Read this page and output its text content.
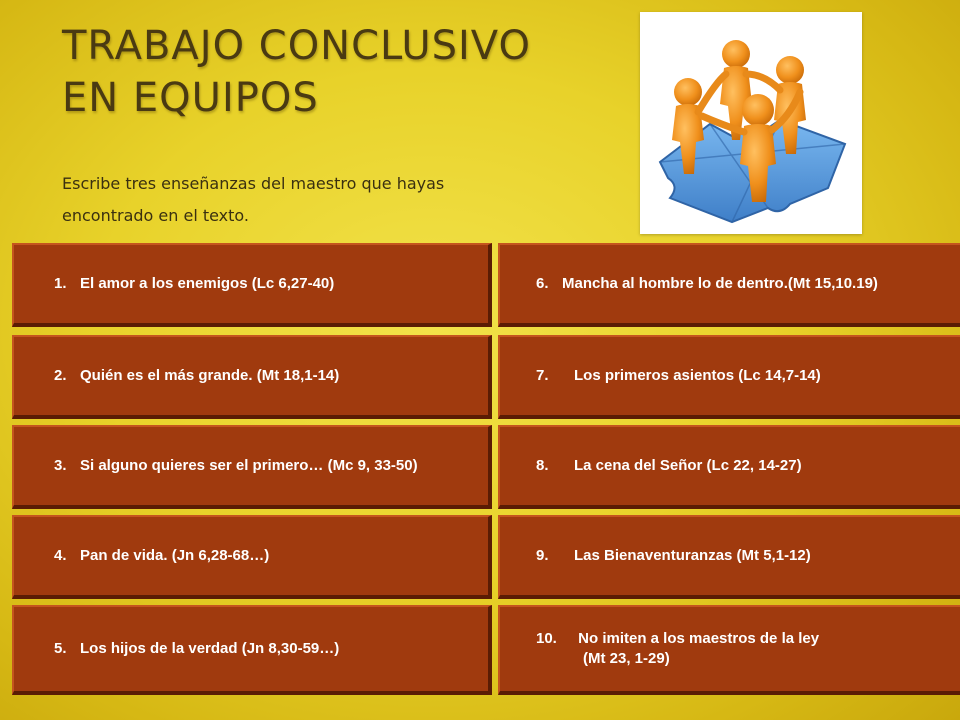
TRABAJO CONCLUSIVO
EN EQUIPOS
Escribe tres enseñanzas del maestro que hayas encontrado en el texto.
1. El amor a los enemigos (Lc 6,27-40)
2. Quién es el más grande. (Mt 18,1-14)
3. Si alguno quieres ser el primero… (Mc 9, 33-50)
4. Pan de vida. (Jn 6,28-68…)
5. Los hijos de la verdad (Jn 8,30-59…)
6. Mancha al hombre lo de dentro.(Mt 15,10.19)
7.	Los primeros asientos (Lc 14,7-14)
8.	La cena del Señor (Lc 22, 14-27)
9.	Las Bienaventuranzas (Mt 5,1-12)
10. No imiten a los maestros de la ley
(Mt 23, 1-29)
